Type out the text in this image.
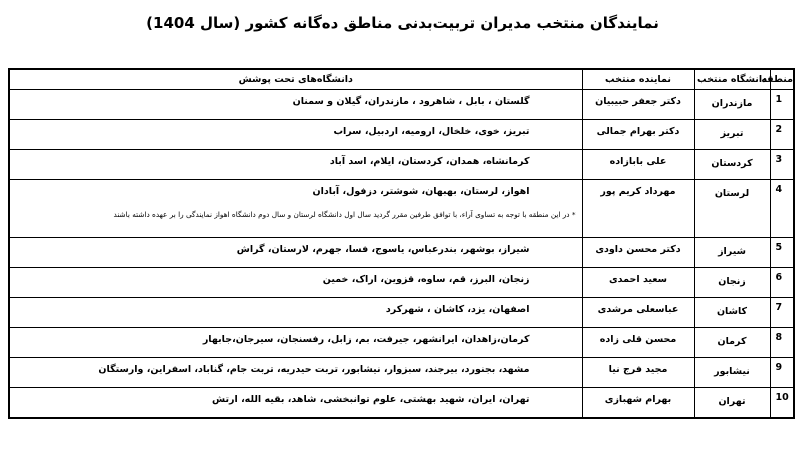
نمایندگان منتخب مدیران تربیت‌بدنی مناطق ده‌گانه کشور (سال 1404)
منطقه	دانشگاه منتخب	نماینده منتخب	دانشگاه‌های تحت پوشش
1	مازندران	دکتر جعفر حبیبیان	گلستان ، بابل ، شاهرود ، مازندران، گیلان و سمنان

2	تبریز	دکتر بهرام جمالی	تبریز، خوی، خلخال، ارومیه، اردبیل، سراب

3	کردستان	علی بابازاده	کرمانشاه، همدان، کردستان، ایلام، اسد آباد

4	لرستان	مهرداد کریم پور	اهواز، لرستان، بهبهان، شوشتر، دزفول، آبادان
* در این منطقه با توجه به تساوی آراء، با توافق طرفین مقرر گردید سال اول دانشگاه لرستان و سال دوم دانشگاه اهواز نمایندگی را بر عهده داشته باشند

5	شیراز	دکتر محسن داودی	شیراز، بوشهر، بندرعباس، یاسوج، فسا، جهرم، لارستان، گراش

6	زنجان	سعید احمدی	زنجان، البرز، قم، ساوه، قزوین، اراک، خمین

7	کاشان	عباسعلی مرشدی	اصفهان، یزد، کاشان ، شهرکرد

8	کرمان	محسن قلی زاده	کرمان،زاهدان، ایرانشهر، جیرفت، بم، زابل، رفسنجان، سیرجان،جابهار

9	نیشابور	مجید فرج نیا	مشهد، بجنورد، بیرجند، سبزوار، نیشابور، تربت حیدریه، تربت جام، گناباد، اسفراین، وارستگان

10	تهران	بهرام شهبازی	تهران، ایران، شهید بهشتی، علوم توانبخشی، شاهد، بقیه الله، ارتش
